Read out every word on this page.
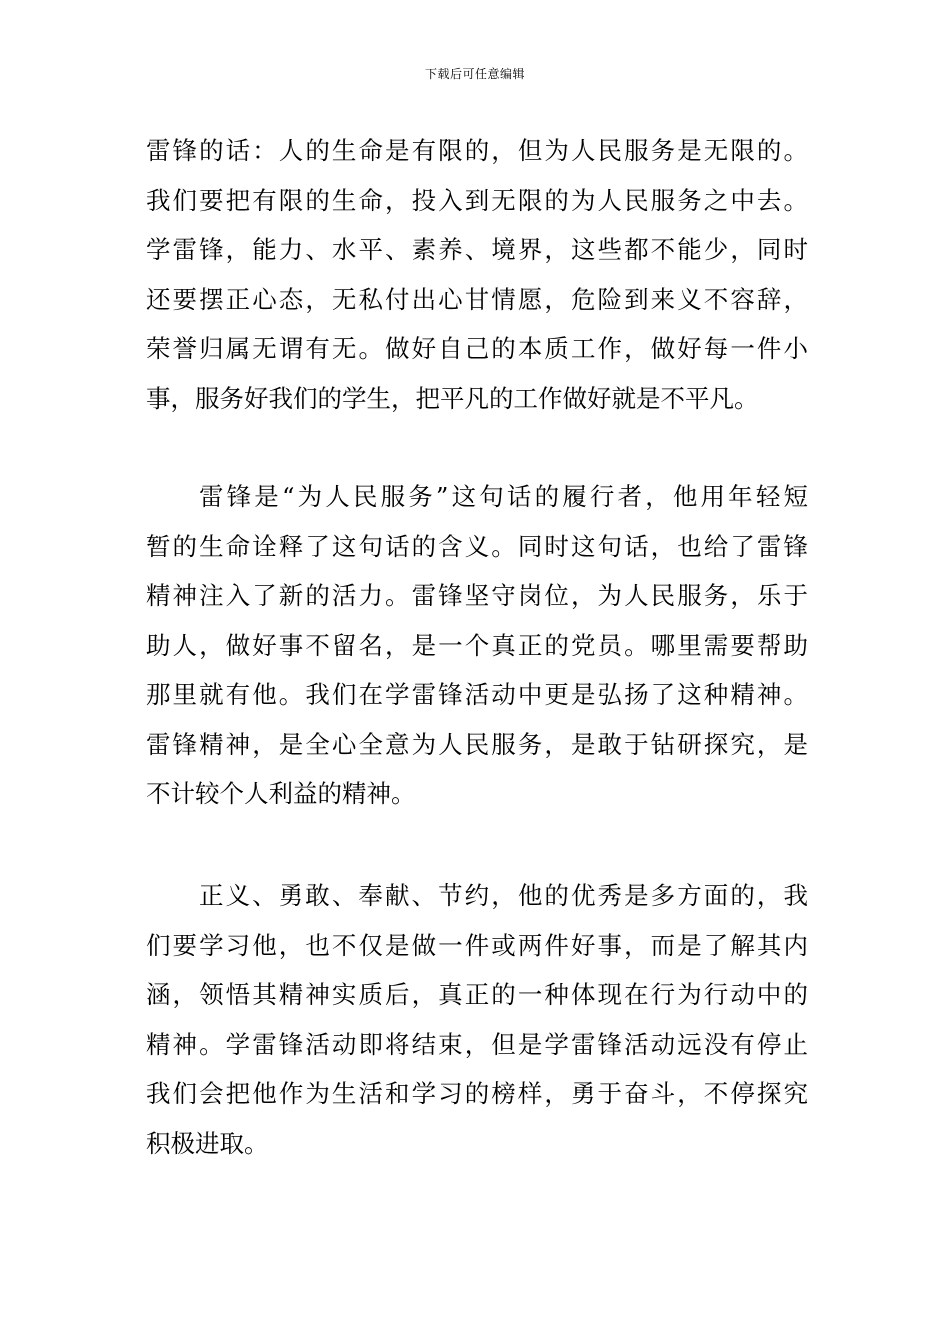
下载后可任意编辑
雷锋的话：人的生命是有限的，但为人民服务是无限的。
我们要把有限的生命，投入到无限的为人民服务之中去。
学雷锋，能力、水平、素养、境界，这些都不能少，同时
还要摆正心态，无私付出心甘情愿，危险到来义不容辞，
荣誉归属无谓有无。做好自己的本质工作，做好每一件小
事，服务好我们的学生，把平凡的工作做好就是不平凡。
雷锋是“为人民服务”这句话的履行者，他用年轻短
暂的生命诠释了这句话的含义。同时这句话，也给了雷锋
精神注入了新的活力。雷锋坚守岗位，为人民服务，乐于
助人，做好事不留名，是一个真正的党员。哪里需要帮助
那里就有他。我们在学雷锋活动中更是弘扬了这种精神。
雷锋精神，是全心全意为人民服务，是敢于钻研探究，是
不计较个人利益的精神。
正义、勇敢、奉献、节约，他的优秀是多方面的，我
们要学习他，也不仅是做一件或两件好事，而是了解其内
涵，领悟其精神实质后，真正的一种体现在行为行动中的
精神。学雷锋活动即将结束，但是学雷锋活动远没有停止
我们会把他作为生活和学习的榜样，勇于奋斗，不停探究
积极进取。
